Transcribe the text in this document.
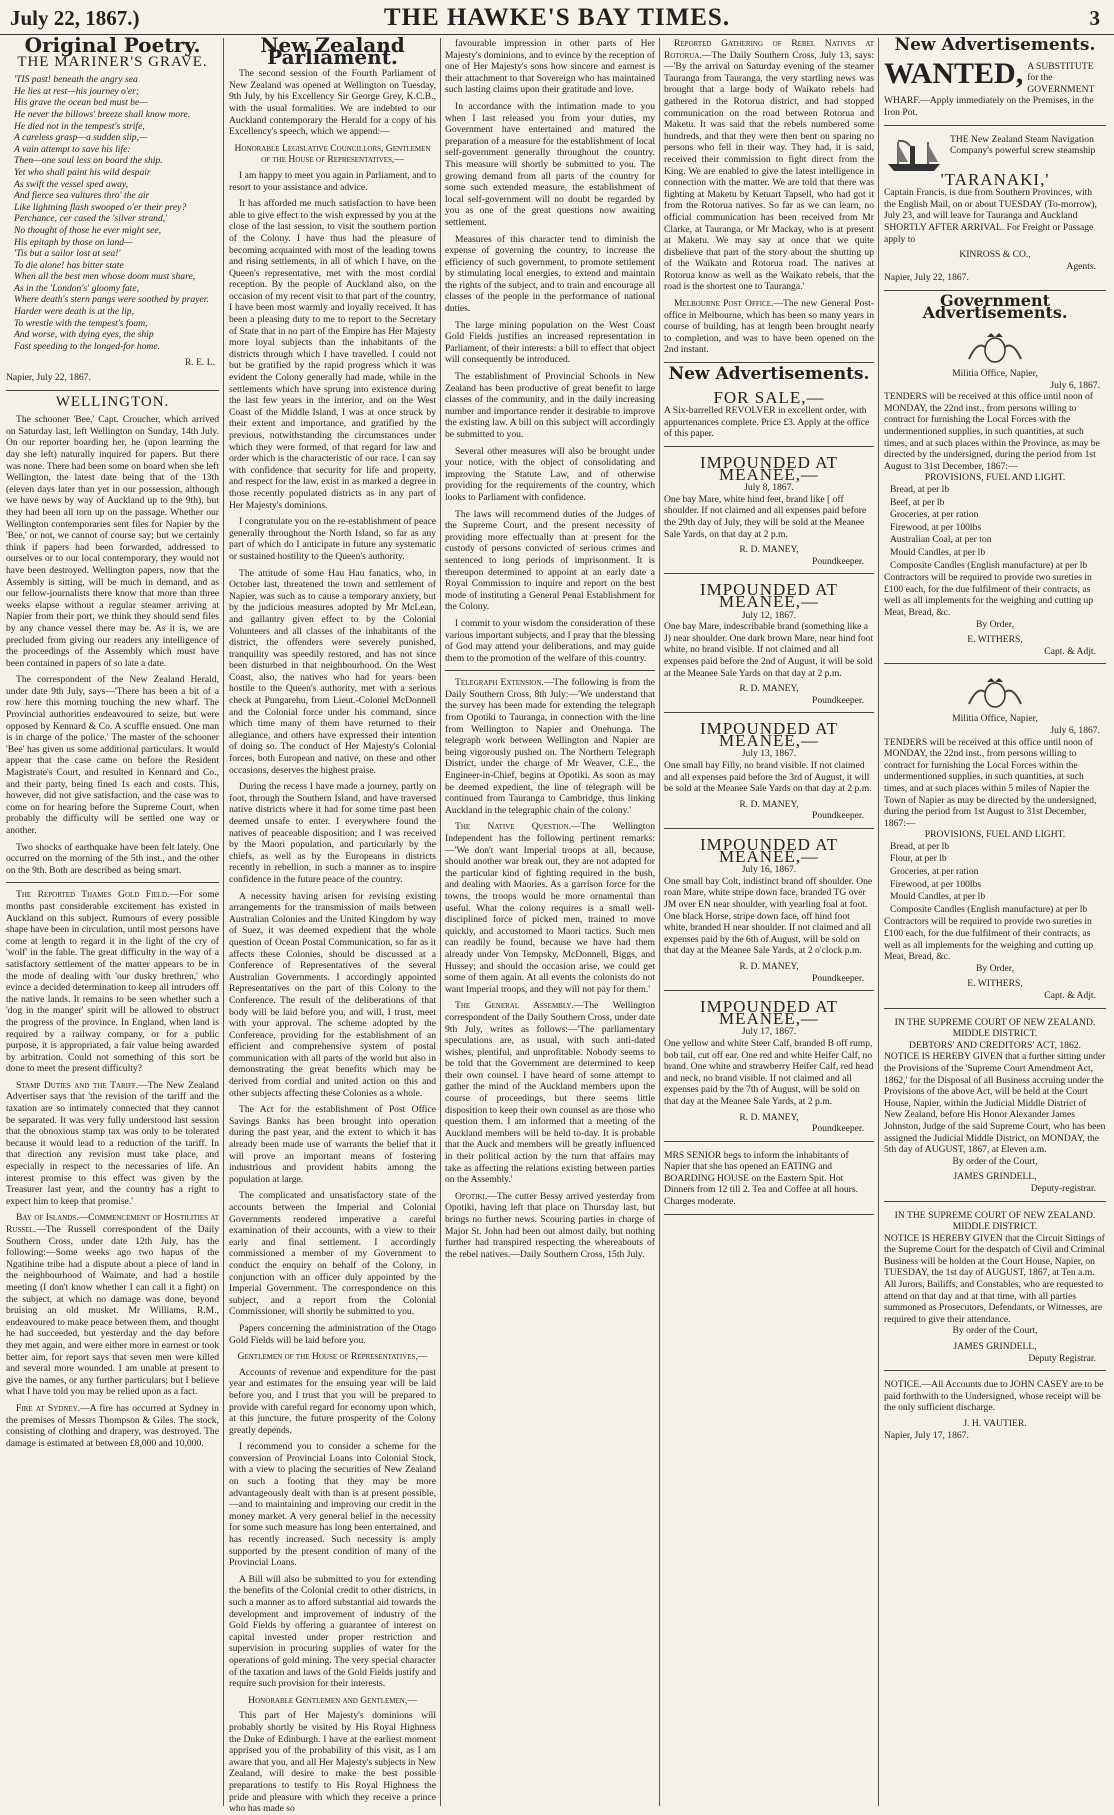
July 22, 1867.)	THE HAWKE'S BAY TIMES.	3
Original Poetry.
THE MARINER'S GRAVE.
'TIS past! beneath the angry sea
He lies at rest—his journey o'er;
His grave the ocean bed must be—
He never the billows' breeze shall know more.
He died not in the tempest's strife,
A careless grasp—a sudden slip,—
A vain attempt to save his life:
Then—one soul less on board the ship.
Yet who shall paint his wild despair
As swift the vessel sped away,
And fierce sea vultures thro' the air
Like lightning flash swooped o'er their prey?
Perchance, cer cased the 'silver strand,'
No thought of those he ever might see,
His epitaph by those on land—
'Tis but a sailor lost at sea!'
To die alone! has bitter state
When all the best men whose doom must share,
As in the 'London's' gloomy fate,
Where death's stern pangs were soothed by prayer.
Harder were death is at the lip,
To wrestle with the tempest's foam,
And worse, with dying eyes, the ship
Fast speeding to the longed-for home.
R. E. L.
Napier, July 22, 1867.
WELLINGTON.

The schooner 'Bee,' Capt. Croucher, which arrived on Saturday last, left Wellington on Sunday, 14th July. On our reporter boarding her, he (upon learning the day she left) naturally inquired for papers. But there was none. There had been some on board when she left Wellington, the latest date being that of the 13th (eleven days later than yet in our possession, although we have news by way of Auckland up to the 9th), but they had been all torn up on the passage. Whether our Wellington contemporaries sent files for Napier by the 'Bee,' or not, we cannot of course say; but we certainly think if papers had been forwarded, addressed to ourselves or to our local contemporary, they would not have been destroyed. Wellington papers, now that the Assembly is sitting, will be much in demand, and as our fellow-journalists there know that more than three weeks elapse without a regular steamer arriving at Napier from their port, we think they should send files by any chance vessel there may be. As it is, we are precluded from giving our readers any intelligence of the proceedings of the Assembly which must have been contained in papers of so late a date.

The correspondent of the New Zealand Herald, under date 9th July, says—'There has been a bit of a row here this morning touching the new wharf. The Provincial authorities endeavoured to seize, but were opposed by Kennard & Co. A scuffle ensued. One man is in charge of the police.' The master of the schooner 'Bee' has given us some additional particulars. It would appear that the case came on before the Resident Magistrate's Court, and resulted in Kennard and Co., and their party, being fined 1s each and costs. This, however, did not give satisfaction, and the case was to come on for hearing before the Supreme Court, when probably the difficulty will be settled one way or another.

Two shocks of earthquake have been felt lately. One occurred on the morning of the 5th inst., and the other on the 9th. Both are described as being smart.

The Reported Thames Gold Field.—For some months past considerable excitement has existed in Auckland on this subject. Rumours of every possible shape have been in circulation, until most persons have come at length to regard it in the light of the cry of 'wolf' in the fable. The great difficulty in the way of a satisfactory settlement of the matter appears to be in the mode of dealing with 'our dusky brethren,' who evince a decided determination to keep all intruders off the native lands. It remains to be seen whether such a 'dog in the manger' spirit will be allowed to obstruct the progress of the province. In England, when land is required by a railway company, or for a public purpose, it is appropriated, a fair value being awarded by arbitration. Could not something of this sort be done to meet the present difficulty?

Stamp Duties and the Tariff.—The New Zealand Advertiser says that 'the revision of the tariff and the taxation are so intimately connected that they cannot be separated. It was very fully understood last session that the obnoxious stamp tax was only to be tolerated because it would lead to a reduction of the tariff. In that direction any revision must take place, and especially in respect to the necessaries of life. An interest promise to this effect was given by the Treasurer last year, and the country has a right to expect him to keep that promise.'

Bay of Islands.—Commencement of Hostilities at Russel.—The Russell correspondent of the Daily Southern Cross, under date 12th July, has the following:—Some weeks ago two hapus of the Ngatihine tribe had a dispute about a piece of land in the neighbourhood of Waimate, and had a hostile meeting (I don't know whether I can call it a fight) on the subject, at which no damage was done, beyond bruising an old musket. Mr Williams, R.M., endeavoured to make peace between them, and thought he had succeeded, but yesterday and the day before they met again, and were either more in earnest or took better aim, for report says that seven men were killed and several more wounded. I am unable at present to give the names, or any further particulars; but I believe what I have told you may be relied upon as a fact.

Fire at Sydney.—A fire has occurred at Sydney in the premises of Messrs Thompson & Giles. The stock, consisting of clothing and drapery, was destroyed. The damage is estimated at between £8,000 and 10,000.

New Zealand Parliament.

The second session of the Fourth Parliament of New Zealand was opened at Wellington on Tuesday, 9th July, by his Excellency Sir George Grey, K.C.B., with the usual formalities. We are indebted to our Auckland contemporary the Herald for a copy of his Excellency's speech, which we append:—

Honorable Legislative Councillors, Gentlemen of the House of Representatives,—

I am happy to meet you again in Parliament, and to resort to your assistance and advice.

It has afforded me much satisfaction to have been able to give effect to the wish expressed by you at the close of the last session, to visit the southern portion of the Colony. I have thus had the pleasure of becoming acquainted with most of the leading towns and rising settlements, in all of which I have, on the Queen's representative, met with the most cordial reception. By the people of Auckland also, on the occasion of my recent visit to that part of the country, I have been most warmly and loyally received. It has been a pleasing duty to me to report to the Secretary of State that in no part of the Empire has Her Majesty more loyal subjects than the inhabitants of the districts through which I have travelled. I could not but be gratified by the rapid progress which it was evident the Colony generally had made, while in the settlements which have sprung into existence during the last few years in the interior, and on the West Coast of the Middle Island, I was at once struck by their extent and importance, and gratified by the previous, notwithstanding the circumstances under which they were formed, of that regard for law and order which is the characteristic of our race. I can say with confidence that security for life and property, and respect for the law, exist in as marked a degree in those recently populated districts as in any part of Her Majesty's dominions.

I congratulate you on the re-establishment of peace generally throughout the North Island, so far as any part of which do I anticipate in future any systematic or sustained hostility to the Queen's authority.

The attitude of some Hau Hau fanatics, who, in October last, threatened the town and settlement of Napier, was such as to cause a temporary anxiety, but by the judicious measures adopted by Mr McLean, and gallantry given effect to by the Colonial Volunteers and all classes of the inhabitants of the district, the offenders were severely punished, tranquility was speedily restored, and has not since been disturbed in that neighbourhood. On the West Coast, also, the natives who had for years been hostile to the Queen's authority, met with a serious check at Pungarehu, from Lieut.-Colonel McDonnell and the Colonial force under his command, since which time many of them have returned to their allegiance, and others have expressed their intention of doing so. The conduct of Her Majesty's Colonial forces, both European and native, on these and other occasions, deserves the highest praise.

During the recess I have made a journey, partly on foot, through the Southern Island, and have traversed native districts where it had for some time past been deemed unsafe to enter. I everywhere found the natives of peaceable disposition; and I was received by the Maori population, and particularly by the chiefs, as well as by the Europeans in districts recently in rebellion, in such a manner as to inspire confidence in the future peace of the country.

A necessity having arisen for revising existing arrangements for the transmission of mails between Australian Colonies and the United Kingdom by way of Suez, it was deemed expedient that the whole question of Ocean Postal Communication, so far as it affects these Colonies, should be discussed at a Conference of Representatives of the several Australian Governments. I accordingly appointed Representatives on the part of this Colony to the Conference. The result of the deliberations of that body will be laid before you, and will, I trust, meet with your approval. The scheme adopted by the Conference, providing for the establishment of an efficient and comprehensive system of postal communication with all parts of the world but also in demonstrating the great benefits which may be derived from cordial and united action on this and other subjects affecting these Colonies as a whole.

The Act for the establishment of Post Office Savings Banks has been brought into operation during the past year, and the extent to which it has already been made use of warrants the belief that it will prove an important means of fostering industrious and provident habits among the population at large.

The complicated and unsatisfactory state of the accounts between the Imperial and Colonial Governments rendered imperative a careful examination of their accounts, with a view to their early and final settlement. I accordingly commissioned a member of my Government to conduct the enquiry on behalf of the Colony, in conjunction with an officer duly appointed by the Imperial Government. The correspondence on this subject, and a report from the Colonial Commissioner, will shortly be submitted to you.

Papers concerning the administration of the Otago Gold Fields will be laid before you.

Gentlemen of the House of Representatives,—

Accounts of revenue and expenditure for the past year and estimates for the ensuing year will be laid before you, and I trust that you will be prepared to provide with careful regard for economy upon which, at this juncture, the future prosperity of the Colony greatly depends.

I recommend you to consider a scheme for the conversion of Provincial Loans into Colonial Stock, with a view to placing the securities of New Zealand on such a footing that they may be more advantageously dealt with than is at present possible,—and to maintaining and improving our credit in the money market. A very general belief in the necessity for some such measure has long been entertained, and has recently increased. Such necessity is amply supported by the present condition of many of the Provincial Loans.

A Bill will also be submitted to you for extending the benefits of the Colonial credit to other districts, in such a manner as to afford substantial aid towards the development and improvement of industry of the Gold Fields by offering a guarantee of interest on capital invested under proper restriction and supervision in procuring supplies of water for the operations of gold mining. The very special character of the taxation and laws of the Gold Fields justify and require such provision for their interests.

Honorable Gentlemen and Gentlemen,—

This part of Her Majesty's dominions will probably shortly be visited by His Royal Highness the Duke of Edinburgh. I have at the earliest moment apprised you of the probability of this visit, as I am aware that you, and all Her Majesty's subjects in New Zealand, will desire to make the best possible preparations to testify to His Royal Highness the pride and pleasure with which they receive a prince who has made so

favourable impression in other parts of Her Majesty's dominions, and to evince by the reception of one of Her Majesty's sons how sincere and earnest is their attachment to that Sovereign who has maintained such lasting claims upon their gratitude and love.

In accordance with the intimation made to you when I last released you from your duties, my Government have entertained and matured the preparation of a measure for the establishment of local self-government generally throughout the country. This measure will shortly be submitted to you. The growing demand from all parts of the country for some such extended measure, the establishment of local self-government will no doubt be regarded by you as one of the great questions now awaiting settlement.

Measures of this character tend to diminish the expense of governing the country, to increase the efficiency of such government, to promote settlement by stimulating local energies, to extend and maintain the rights of the subject, and to train and encourage all classes of the people in the performance of national duties.

The large mining population on the West Coast Gold Fields justifies an increased representation in Parliament, of their interests: a bill to effect that object will consequently be introduced.

The establishment of Provincial Schools in New Zealand has been productive of great benefit to large classes of the community, and in the daily increasing number and importance render it desirable to improve the existing law. A bill on this subject will accordingly be submitted to you.

Several other measures will also be brought under your notice, with the object of consolidating and improving the Statute Law, and of otherwise providing for the requirements of the country, which looks to Parliament with confidence.

The laws will recommend duties of the Judges of the Supreme Court, and the present necessity of providing more effectually than at present for the custody of persons convicted of serious crimes and sentenced to long periods of imprisonment. It is thereupon determined to appoint at an early date a Royal Commission to inquire and report on the best mode of instituting a General Penal Establishment for the Colony.

I commit to your wisdom the consideration of these various important subjects, and I pray that the blessing of God may attend your deliberations, and may guide them to the promotion of the welfare of this country.

Telegraph Extension.—The following is from the Daily Southern Cross, 8th July:—'We understand that the survey has been made for extending the telegraph from Opotiki to Tauranga, in connection with the line from Wellington to Napier and Onehunga. The telegraph work between Wellington and Napier are being vigorously pushed on. The Northern Telegraph District, under the charge of Mr Weaver, C.E., the Engineer-in-Chief, begins at Opotiki. As soon as may be deemed expedient, the line of telegraph will be continued from Tauranga to Cambridge, thus linking Auckland in the telegraphic chain of the colony.'

The Native Question.—The Wellington Independent has the following pertinent remarks:—'We don't want Imperial troops at all, because, should another war break out, they are not adapted for the particular kind of fighting required in the bush, and dealing with Maories. As a garrison force for the towns, the troops would be more ornamental than useful. What the colony requires is a small well-disciplined force of picked men, trained to move quickly, and accustomed to Maori tactics. Such men can readily be found, because we have had them already under Von Tempsky, McDonnell, Biggs, and Hussey; and should the occasion arise, we could get some of them again. At all events the colonists do not want Imperial troops, and they will not pay for them.'

The General Assembly.—The Wellington correspondent of the Daily Southern Cross, under date 9th July, writes as follows:—'The parliamentary speculations are, as usual, with such anti-dated wishes, plentiful, and unprofitable. Nobody seems to be told that the Government are determined to keep their own counsel. I have heard of some attempt to gather the mind of the Auckland members upon the course of proceedings, but there seems little disposition to keep their own counsel as are those who question them. I am informed that a meeting of the Auckland members will be held to-day. It is probable that the Auck and members will be greatly influenced in their political action by the turn that affairs may take as affecting the relations existing between parties on the Assembly.'

Opotiki.—The cutter Bessy arrived yesterday from Opotiki, having left that place on Thursday last, but brings no further news. Scouring parties in charge of Major St. John had been out almost daily, but nothing further had transpired respecting the whereabouts of the rebel natives.—Daily Southern Cross, 15th July.

Reported Gathering of Rebel Natives at Rotorua.—The Daily Southern Cross, July 13, says:—'By the arrival on Saturday evening of the steamer Tauranga from Tauranga, the very startling news was brought that a large body of Waikato rebels had gathered in the Rotorua district, and had stopped communication on the road between Rotorua and Maketu. It was said that the rebels numbered some hundreds, and that they were then bent on sparing no persons who fell in their way. They had, it is said, received their commission to fight direct from the King. We are enabled to give the latest intelligence in connection with the matter. We are told that there was fighting at Maketu by Ketuart Tapsell, who had got it from the Rotorua natives. So far as we can learn, no official communication has been received from Mr Clarke, at Tauranga, or Mr Mackay, who is at present at Maketu. We may say at once that we quite disbelieve that part of the story about the shutting up of the Waikato and Rotorua road. The natives at Rotorua know as well as the Waikato rebels, that the road is the shortest one to Tauranga.'

Melbourne Post Office.—The new General Post-office in Melbourne, which has been so many years in course of building, has at length been brought nearly to completion, and was to have been opened on the 2nd instant.

New Advertisements.
FOR SALE,—
A Six-barrelled REVOLVER in excellent order, with appurtenances complete. Price £3. Apply at the office of this paper.
IMPOUNDED AT MEANEE,—
July 8, 1867.
One bay Mare, white hind feet, brand like [ off shoulder. If not claimed and all expenses paid before the 29th day of July, they will be sold at the Meanee Sale Yards, on that day at 2 p.m.
R. D. MANEY,
Poundkeeper.
IMPOUNDED AT MEANEE,—
July 12, 1867.
One bay Mare, indescribable brand (something like a J) near shoulder. One dark brown Mare, near hind foot white, no brand visible. If not claimed and all expenses paid before the 2nd of August, it will be sold at the Meanee Sale Yards on that day at 2 p.m.
R. D. MANEY,
Poundkeeper.
IMPOUNDED AT MEANEE,—
July 13, 1867.
One small bay Filly, no brand visible. If not claimed and all expenses paid before the 3rd of August, it will be sold at the Meanee Sale Yards on that day at 2 p.m.
R. D. MANEY,
Poundkeeper.
IMPOUNDED AT MEANEE,—
July 16, 1867.
One small bay Colt, indistinct brand off shoulder. One roan Mare, white stripe down face, branded TG over JM over EN near shoulder, with yearling foal at foot. One black Horse, stripe down face, off hind foot white, branded H near shoulder. If not claimed and all expenses paid by the 6th of August, will be sold on that day at the Meanee Sale Yards, at 2 o'clock p.m.
R. D. MANEY,
Poundkeeper.
IMPOUNDED AT MEANEE,—
July 17, 1867.
One yellow and white Steer Calf, branded B off rump, bob tail, cut off ear. One red and white Heifer Calf, no brand. One white and strawberry Heifer Calf, red head and neck, no brand visible. If not claimed and all expenses paid by the 7th of August, will be sold on that day at the Meanee Sale Yards, at 2 p.m.
R. D. MANEY,
Poundkeeper.
MRS SENIOR begs to inform the inhabitants of Napier that she has opened an EATING and BOARDING HOUSE on the Eastern Spit. Hot Dinners from 12 till 2. Tea and Coffee at all hours. Charges moderate.
New Advertisements.
WANTED, A SUBSTITUTE for the GOVERNMENT WHARF.—Apply immediately on the Premises, in the Iron Pot.
THE New Zealand Steam Navigation Company's powerful screw steamship
'TARANAKI,'
Captain Francis, is due from Southern Provinces, with the English Mail, on or about TUESDAY (To-morrow), July 23, and will leave for Tauranga and Auckland SHORTLY AFTER ARRIVAL. For Freight or Passage apply to
KINROSS & CO.,
Agents.
Napier, July 22, 1867.
Government Advertisements.
Militia Office, Napier,
July 6, 1867.
TENDERS will be received at this office until noon of MONDAY, the 22nd inst., from persons willing to contract for furnishing the Local Forces with the undermentioned supplies, in such quantities, at such times, and at such places within the Province, as may be directed by the undersigned, during the period from 1st August to 31st December, 1867:—
PROVISIONS, FUEL AND LIGHT.
Bread, at per lb
Beef, at per lb
Groceries, at per ration
Firewood, at per 100lbs
Australian Coal, at per ton
Mould Candles, at per lb
Composite Candles (English manufacture) at per lb
Contractors will be required to provide two sureties in £100 each, for the due fulfilment of their contracts, as well as all implements for the weighing and cutting up Meat, Bread, &c.
By Order,
E. WITHERS,
Capt. & Adjt.
Militia Office, Napier,
July 6, 1867.
TENDERS will be received at this office until noon of MONDAY, the 22nd inst., from persons willing to contract for furnishing the Local Forces within the undermentioned supplies, in such quantities, at such times, and at such places within 5 miles of Napier the Town of Napier as may be directed by the undersigned, during the period from 1st August to 31st December, 1867:—
PROVISIONS, FUEL AND LIGHT.
Bread, at per lb
Flour, at per lb
Groceries, at per ration
Firewood, at per 100lbs
Mould Candles, at per lb
Composite Candles (English manufacture) at per lb
Contractors will be required to provide two sureties in £100 each, for the due fulfilment of their contracts, as well as all implements for the weighing and cutting up Meat, Bread, &c.
By Order,
E. WITHERS,
Capt. & Adjt.
IN THE SUPREME COURT OF NEW ZEALAND.
MIDDLE DISTRICT.
DEBTORS' AND CREDITORS' ACT, 1862.
NOTICE IS HEREBY GIVEN that a further sitting under the Provisions of the 'Supreme Court Amendment Act, 1862,' for the Disposal of all Business accruing under the Provisions of the above Act, will be held at the Court House, Napier, within the Judicial Middle District of New Zealand, before His Honor Alexander James Johnston, Judge of the said Supreme Court, who has been assigned the Judicial Middle District, on MONDAY, the 5th day of AUGUST, 1867, at Eleven a.m.
By order of the Court,
JAMES GRINDELL,
Deputy-registrar.
IN THE SUPREME COURT OF NEW ZEALAND.
MIDDLE DISTRICT.
NOTICE IS HEREBY GIVEN that the Circuit Sittings of the Supreme Court for the despatch of Civil and Criminal Business will be holden at the Court House, Napier, on TUESDAY, the 1st day of AUGUST, 1867, at Ten a.m. All Jurors, Bailiffs, and Constables, who are requested to attend on that day and at that time, with all parties summoned as Prosecutors, Defendants, or Witnesses, are required to give their attendance.
By order of the Court,
JAMES GRINDELL,
Deputy Registrar.
NOTICE.—All Accounts due to JOHN CASEY are to be paid forthwith to the Undersigned, whose receipt will be the only sufficient discharge.
J. H. VAUTIER.
Napier, July 17, 1867.
